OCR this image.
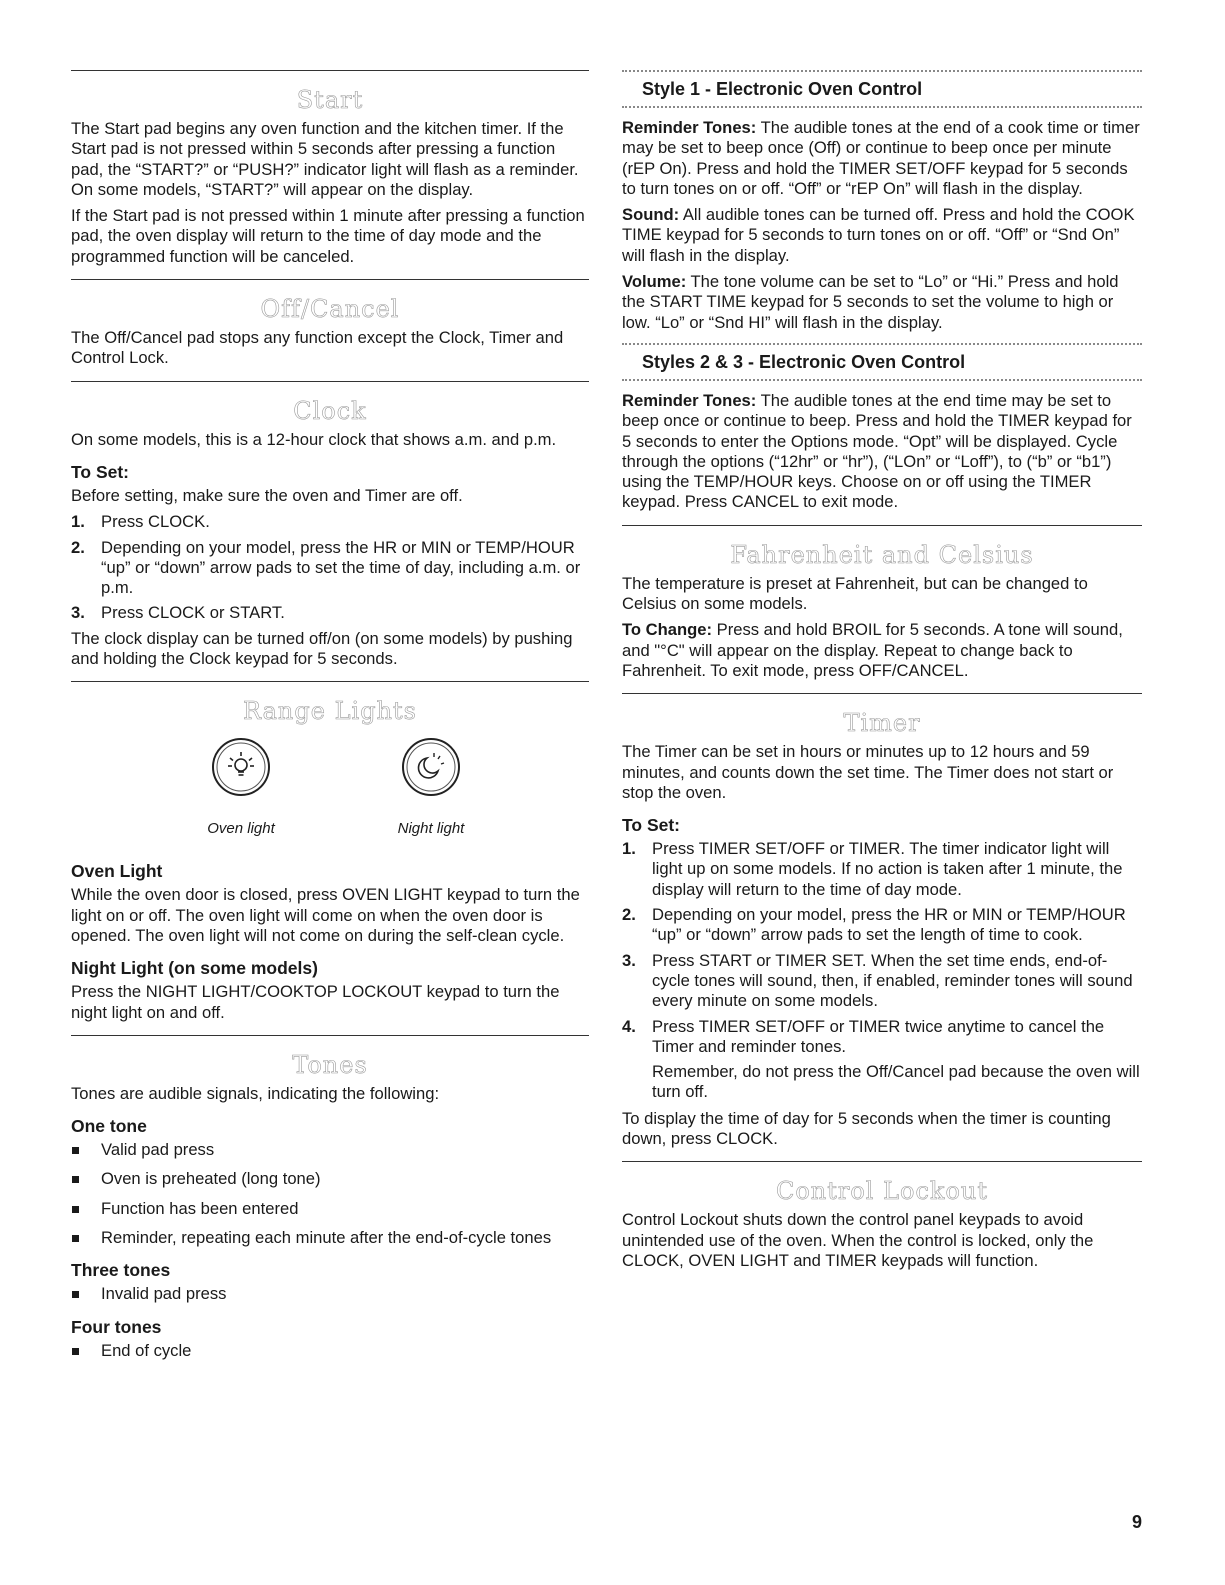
Start

The Start pad begins any oven function and the kitchen timer. If the Start pad is not pressed within 5 seconds after pressing a function pad, the “START?” or “PUSH?” indicator light will flash as a reminder. On some models, “START?” will appear on the display.

If the Start pad is not pressed within 1 minute after pressing a function pad, the oven display will return to the time of day mode and the programmed function will be canceled.

Off/Cancel

The Off/Cancel pad stops any function except the Clock, Timer and Control Lock.

Clock

On some models, this is a 12-hour clock that shows a.m. and p.m.

To Set:

Before setting, make sure the oven and Timer are off.

1. Press CLOCK.
2. Depending on your model, press the HR or MIN or TEMP/HOUR “up” or “down” arrow pads to set the time of day, including a.m. or p.m.
3. Press CLOCK or START.

The clock display can be turned off/on (on some models) by pushing and holding the Clock keypad for 5 seconds.

Range Lights
Oven light	Night light
Oven Light

While the oven door is closed, press OVEN LIGHT keypad to turn the light on or off. The oven light will come on when the oven door is opened. The oven light will not come on during the self-clean cycle.

Night Light (on some models)

Press the NIGHT LIGHT/COOKTOP LOCKOUT keypad to turn the night light on and off.

Tones

Tones are audible signals, indicating the following:

One tone
Valid pad press
Oven is preheated (long tone)
Function has been entered
Reminder, repeating each minute after the end-of-cycle tones
Three tones
Invalid pad press
Four tones
End of cycle
Style 1 - Electronic Oven Control

Reminder Tones: The audible tones at the end of a cook time or timer may be set to beep once (Off) or continue to beep once per minute (rEP On). Press and hold the TIMER SET/OFF keypad for 5 seconds to turn tones on or off. “Off” or “rEP On” will flash in the display.

Sound: All audible tones can be turned off. Press and hold the COOK TIME keypad for 5 seconds to turn tones on or off. “Off” or “Snd On” will flash in the display.

Volume: The tone volume can be set to “Lo” or “Hi.” Press and hold the START TIME keypad for 5 seconds to set the volume to high or low. “Lo” or “Snd HI” will flash in the display.

Styles 2 & 3 - Electronic Oven Control

Reminder Tones: The audible tones at the end time may be set to beep once or continue to beep. Press and hold the TIMER keypad for 5 seconds to enter the Options mode. “Opt” will be displayed. Cycle through the options (“12hr” or “hr”), (“LOn” or “Loff”), to (“b” or “b1”) using the TEMP/HOUR keys. Choose on or off using the TIMER keypad. Press CANCEL to exit mode.

Fahrenheit and Celsius

The temperature is preset at Fahrenheit, but can be changed to Celsius on some models.

To Change: Press and hold BROIL for 5 seconds. A tone will sound, and "°C" will appear on the display. Repeat to change back to Fahrenheit. To exit mode, press OFF/CANCEL.

Timer

The Timer can be set in hours or minutes up to 12 hours and 59 minutes, and counts down the set time. The Timer does not start or stop the oven.

To Set:
1. Press TIMER SET/OFF or TIMER. The timer indicator light will light up on some models. If no action is taken after 1 minute, the display will return to the time of day mode.
2. Depending on your model, press the HR or MIN or TEMP/HOUR “up” or “down” arrow pads to set the length of time to cook.
3. Press START or TIMER SET. When the set time ends, end-of-cycle tones will sound, then, if enabled, reminder tones will sound every minute on some models.
4. Press TIMER SET/OFF or TIMER twice anytime to cancel the Timer and reminder tones.

Remember, do not press the Off/Cancel pad because the oven will turn off.

To display the time of day for 5 seconds when the timer is counting down, press CLOCK.

Control Lockout

Control Lockout shuts down the control panel keypads to avoid unintended use of the oven. When the control is locked, only the CLOCK, OVEN LIGHT and TIMER keypads will function.

9
